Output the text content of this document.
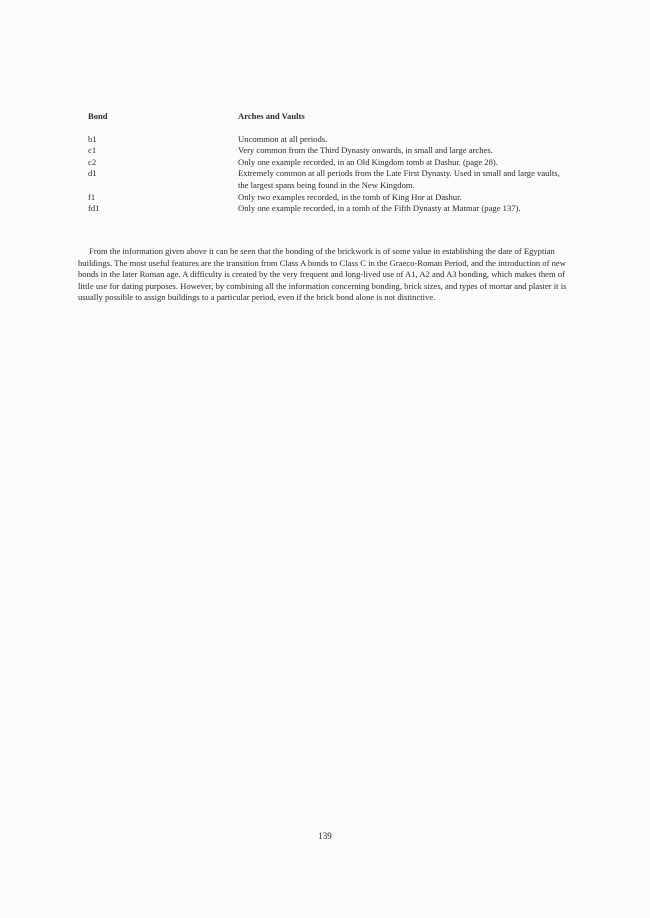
Bond	Arches and Vaults
b1	Uncommon at all periods.
c1	Very common from the Third Dynasty onwards, in small and large arches.
c2	Only one example recorded, in an Old Kingdom tomb at Dashur. (page 28).
d1	Extremely common at all periods from the Late First Dynasty. Used in small and large vaults, the largest spans being found in the New Kingdom.
f1	Only two examples recorded, in the tomb of King Hor at Dashur.
fd1	Only one example recorded, in a tomb of the Fifth Dynasty at Matmar (page 137).

From the information given above it can be seen that the bonding of the brickwork is of some value in establishing the date of Egyptian buildings. The most useful features are the transition from Class A bonds to Class C in the Graeco-Roman Period, and the introduction of new bonds in the later Roman age. A difficulty is created by the very frequent and long-lived use of A1, A2 and A3 bonding, which makes them of little use for dating purposes. However, by combining all the information concerning bonding, brick sizes, and types of mortar and plaster it is usually possible to assign buildings to a particular period, even if the brick bond alone is not distinctive.

139
